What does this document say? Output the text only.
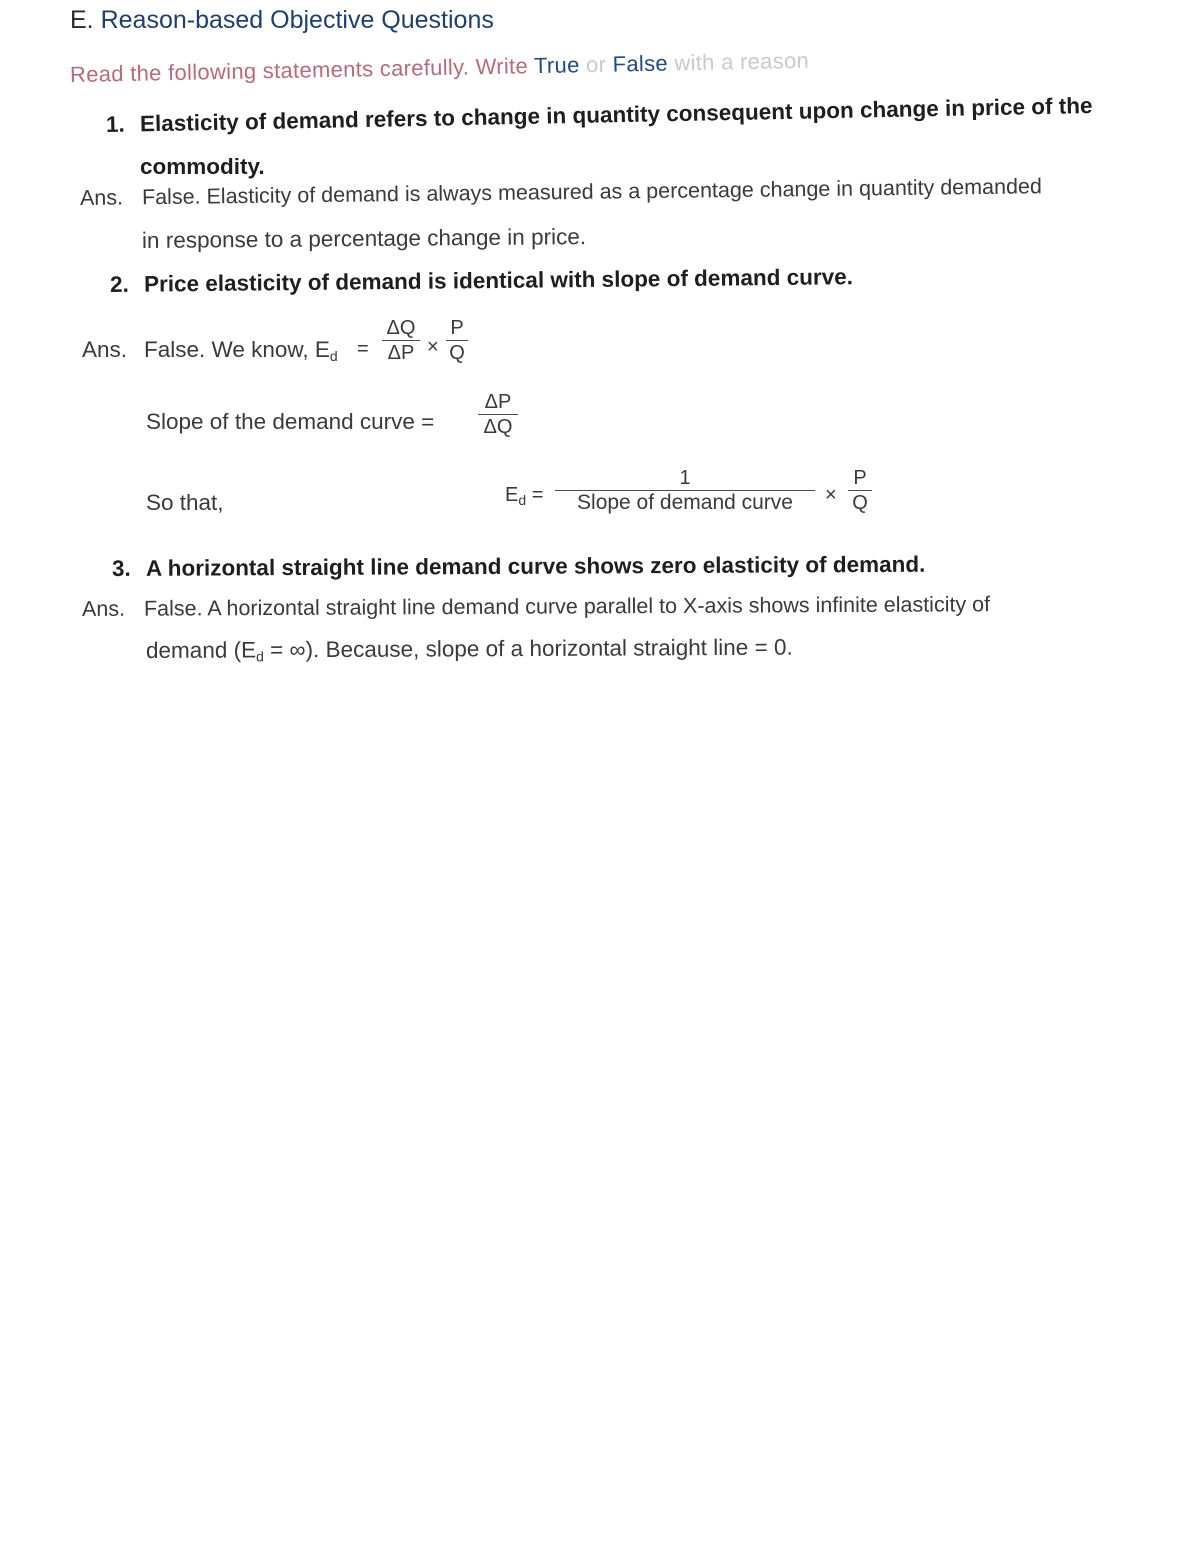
E. Reason-based Objective Questions
Read the following statements carefully. Write True or False with a reason
1. Elasticity of demand refers to change in quantity consequent upon change in price of the
commodity.
Ans. False. Elasticity of demand is always measured as a percentage change in quantity demanded
in response to a percentage change in price.
2. Price elasticity of demand is identical with slope of demand curve.
Ans. False. We know, $E_d$ =
ΔQ
ΔP ×
P
Q
Slope of the demand curve =
ΔP
ΔQ
So that,	$E_d$ =
1
Slope of demand curve	×
P
Q
3. A horizontal straight line demand curve shows zero elasticity of demand.
Ans. False. A horizontal straight line demand curve parallel to X-axis shows infinite elasticity of
demand ($E_d$ = ∞). Because, slope of a horizontal straight line = 0.
